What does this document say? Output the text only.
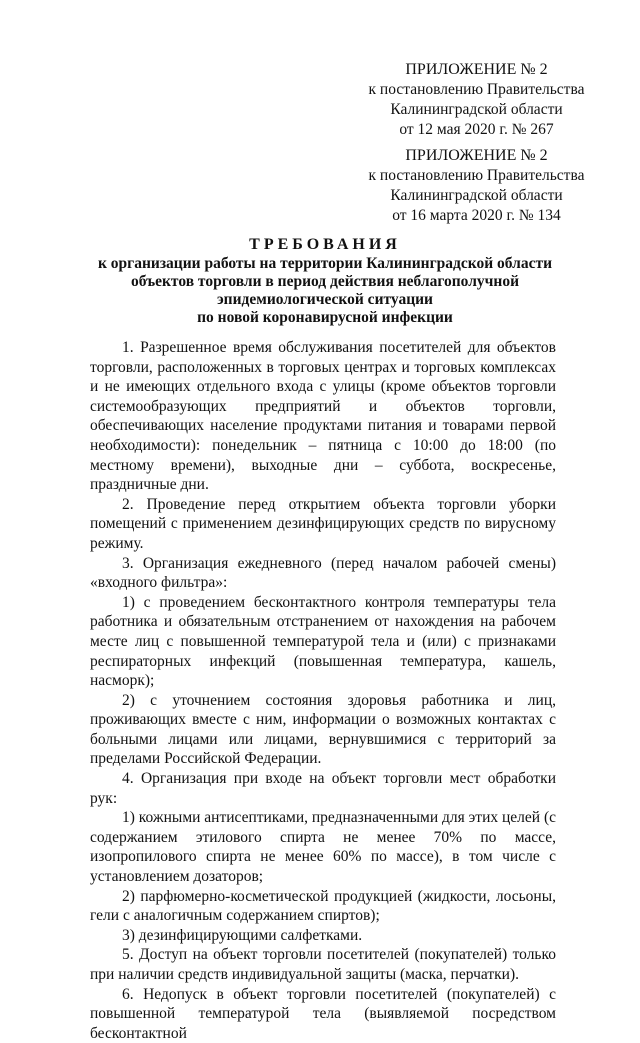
ПРИЛОЖЕНИЕ № 2
к постановлению Правительства
Калининградской области
от 12 мая 2020 г. № 267
ПРИЛОЖЕНИЕ № 2
к постановлению Правительства
Калининградской области
от 16 марта 2020 г. № 134
ТРЕБОВАНИЯ
к организации работы на территории Калининградской области
объектов торговли в период действия неблагополучной
эпидемиологической ситуации
по новой коронавирусной инфекции

1. Разрешенное время обслуживания посетителей для объектов торговли, расположенных в торговых центрах и торговых комплексах и не имеющих отдельного входа с улицы (кроме объектов торговли системообразующих предприятий и объектов торговли, обеспечивающих население продуктами питания и товарами первой необходимости): понедельник – пятница с 10:00 до 18:00 (по местному времени), выходные дни – суббота, воскресенье, праздничные дни.

2. Проведение перед открытием объекта торговли уборки помещений с применением дезинфицирующих средств по вирусному режиму.

3. Организация ежедневного (перед началом рабочей смены) «входного фильтра»:

1) с проведением бесконтактного контроля температуры тела работника и обязательным отстранением от нахождения на рабочем месте лиц с повышенной температурой тела и (или) с признаками респираторных инфекций (повышенная температура, кашель, насморк);

2) с уточнением состояния здоровья работника и лиц, проживающих вместе с ним, информации о возможных контактах с больными лицами или лицами, вернувшимися с территорий за пределами Российской Федерации.

4. Организация при входе на объект торговли мест обработки рук:

1) кожными антисептиками, предназначенными для этих целей (с содержанием этилового спирта не менее 70% по массе, изопропилового спирта не менее 60% по массе), в том числе с установлением дозаторов;

2) парфюмерно-косметической продукцией (жидкости, лосьоны, гели с аналогичным содержанием спиртов);

3) дезинфицирующими салфетками.

5. Доступ на объект торговли посетителей (покупателей) только при наличии средств индивидуальной защиты (маска, перчатки).

6. Недопуск в объект торговли посетителей (покупателей) с повышенной температурой тела (выявляемой посредством бесконтактной
